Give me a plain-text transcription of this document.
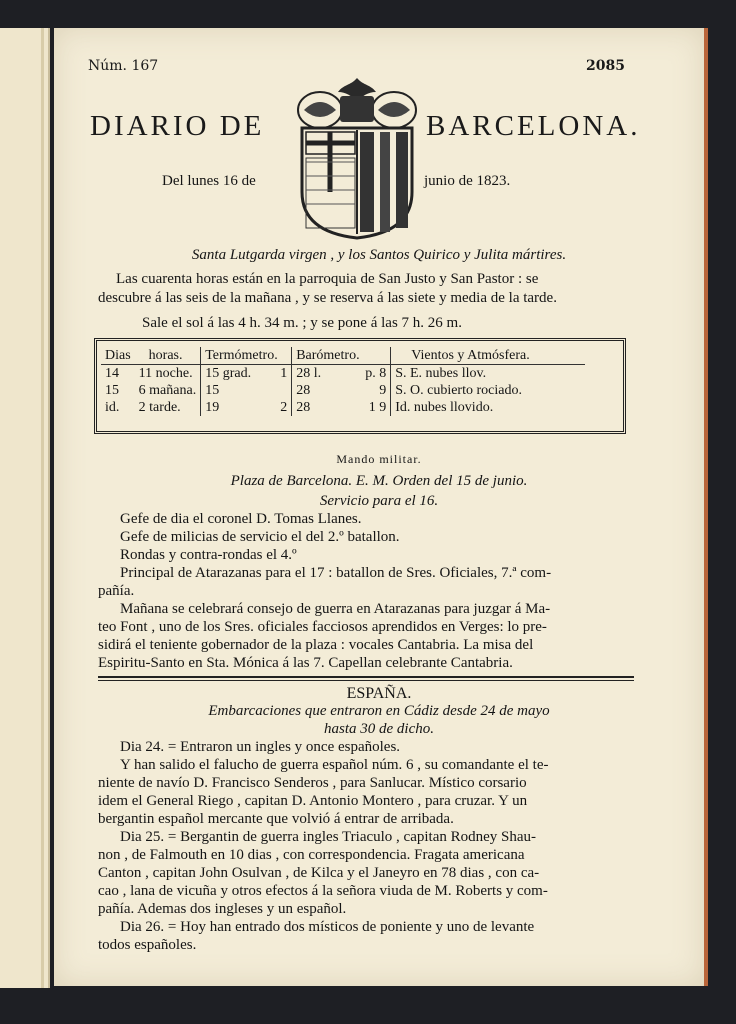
Núm. 167	2085
DIARIO DE	BARCELONA.
Del lunes 16 de	junio de 1823.
Santa Lutgarda virgen , y los Santos Quirico y Julita mártires.
Las cuarenta horas están en la parroquia de San Justo y San Pastor : se
descubre á las seis de la mañana , y se reserva á las siete y media de la tarde.
Sale el sol á las 4 h. 34 m. ; y se pone á las 7 h. 26 m.
Dias	horas.	Termómetro.	Barómetro.	Vientos y Atmósfera.
14	11 noche.	15 grad. 1	28 l. p. 8	S. E. nubes llov.
15	6 mañana.	15	28 9	S. O. cubierto rociado.
id.	2 tarde.	19 2	28 1 9	Id. nubes llovido.
Mando militar.
Plaza de Barcelona. E. M. Orden del 15 de junio.
Servicio para el 16.
Gefe de dia el coronel D. Tomas Llanes.
Gefe de milicias de servicio el del 2.º batallon.
Rondas y contra-rondas el 4.º
Principal de Atarazanas para el 17 : batallon de Sres. Oficiales, 7.ª com-
pañía.
Mañana se celebrará consejo de guerra en Atarazanas para juzgar á Ma-
teo Font , uno de los Sres. oficiales facciosos aprendidos en Verges: lo pre-
sidirá el teniente gobernador de la plaza : vocales Cantabria. La misa del
Espiritu-Santo en Sta. Mónica á las 7. Capellan celebrante Cantabria.
ESPAÑA.
Embarcaciones que entraron en Cádiz desde 24 de mayo
hasta 30 de dicho.
Dia 24. = Entraron un ingles y once españoles.
Y han salido el falucho de guerra español núm. 6 , su comandante el te-
niente de navío D. Francisco Senderos , para Sanlucar. Místico corsario
idem el General Riego , capitan D. Antonio Montero , para cruzar. Y un
bergantin español mercante que volvió á entrar de arribada.
Dia 25. = Bergantin de guerra ingles Triaculo , capitan Rodney Shau-
non , de Falmouth en 10 dias , con correspondencia. Fragata americana
Canton , capitan John Osulvan , de Kilca y el Janeyro en 78 dias , con ca-
cao , lana de vicuña y otros efectos á la señora viuda de M. Roberts y com-
pañía. Ademas dos ingleses y un español.
Dia 26. = Hoy han entrado dos místicos de poniente y uno de levante
todos españoles.
